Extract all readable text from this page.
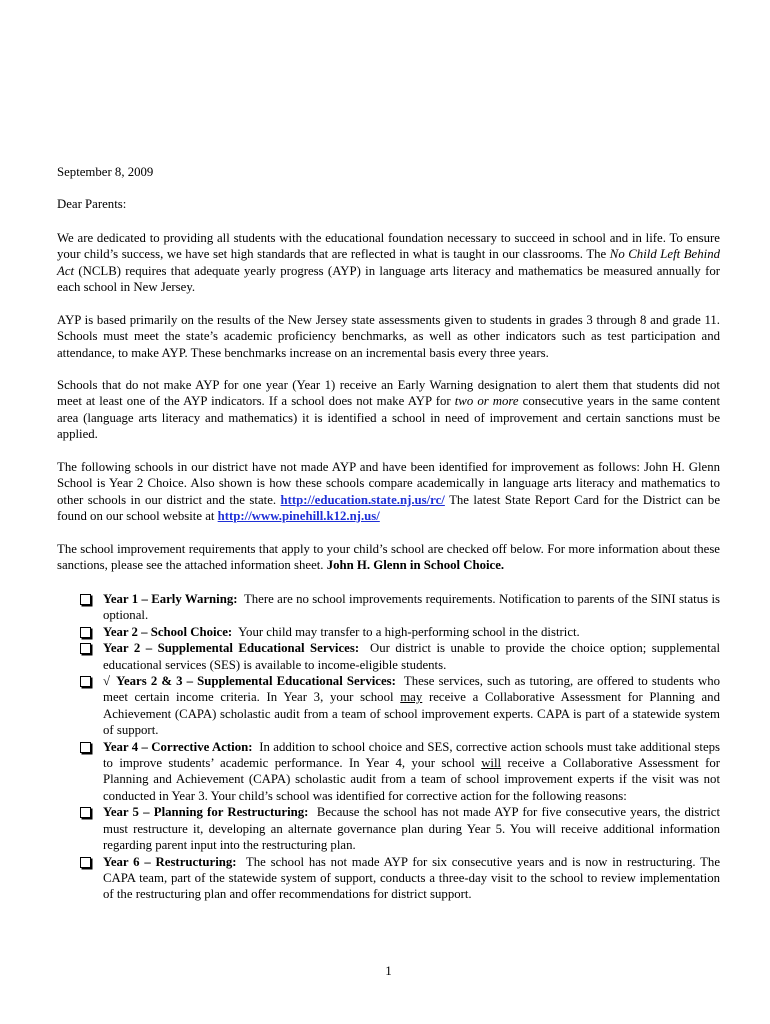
September 8, 2009
Dear Parents:

We are dedicated to providing all students with the educational foundation necessary to succeed in school and in life. To ensure your child’s success, we have set high standards that are reflected in what is taught in our classrooms. The No Child Left Behind Act (NCLB) requires that adequate yearly progress (AYP) in language arts literacy and mathematics be measured annually for each school in New Jersey.

AYP is based primarily on the results of the New Jersey state assessments given to students in grades 3 through 8 and grade 11. Schools must meet the state’s academic proficiency benchmarks, as well as other indicators such as test participation and attendance, to make AYP. These benchmarks increase on an incremental basis every three years.

Schools that do not make AYP for one year (Year 1) receive an Early Warning designation to alert them that students did not meet at least one of the AYP indicators. If a school does not make AYP for two or more consecutive years in the same content area (language arts literacy and mathematics) it is identified a school in need of improvement and certain sanctions must be applied.

The following schools in our district have not made AYP and have been identified for improvement as follows: John H. Glenn School is Year 2 Choice. Also shown is how these schools compare academically in language arts literacy and mathematics to other schools in our district and the state. http://education.state.nj.us/rc/ The latest State Report Card for the District can be found on our school website at http://www.pinehill.k12.nj.us/

The school improvement requirements that apply to your child’s school are checked off below. For more information about these sanctions, please see the attached information sheet. John H. Glenn in School Choice.

Year 1 – Early Warning: There are no school improvements requirements. Notification to parents of the SINI status is optional.
Year 2 – School Choice: Your child may transfer to a high-performing school in the district.
Year 2 – Supplemental Educational Services: Our district is unable to provide the choice option; supplemental educational services (SES) is available to income-eligible students.
√ Years 2 & 3 – Supplemental Educational Services: These services, such as tutoring, are offered to students who meet certain income criteria. In Year 3, your school may receive a Collaborative Assessment for Planning and Achievement (CAPA) scholastic audit from a team of school improvement experts. CAPA is part of a statewide system of support.
Year 4 – Corrective Action: In addition to school choice and SES, corrective action schools must take additional steps to improve students’ academic performance. In Year 4, your school will receive a Collaborative Assessment for Planning and Achievement (CAPA) scholastic audit from a team of school improvement experts if the visit was not conducted in Year 3. Your child’s school was identified for corrective action for the following reasons:
Year 5 – Planning for Restructuring: Because the school has not made AYP for five consecutive years, the district must restructure it, developing an alternate governance plan during Year 5. You will receive additional information regarding parent input into the restructuring plan.
Year 6 – Restructuring: The school has not made AYP for six consecutive years and is now in restructuring. The CAPA team, part of the statewide system of support, conducts a three-day visit to the school to review implementation of the restructuring plan and offer recommendations for district support.
1
